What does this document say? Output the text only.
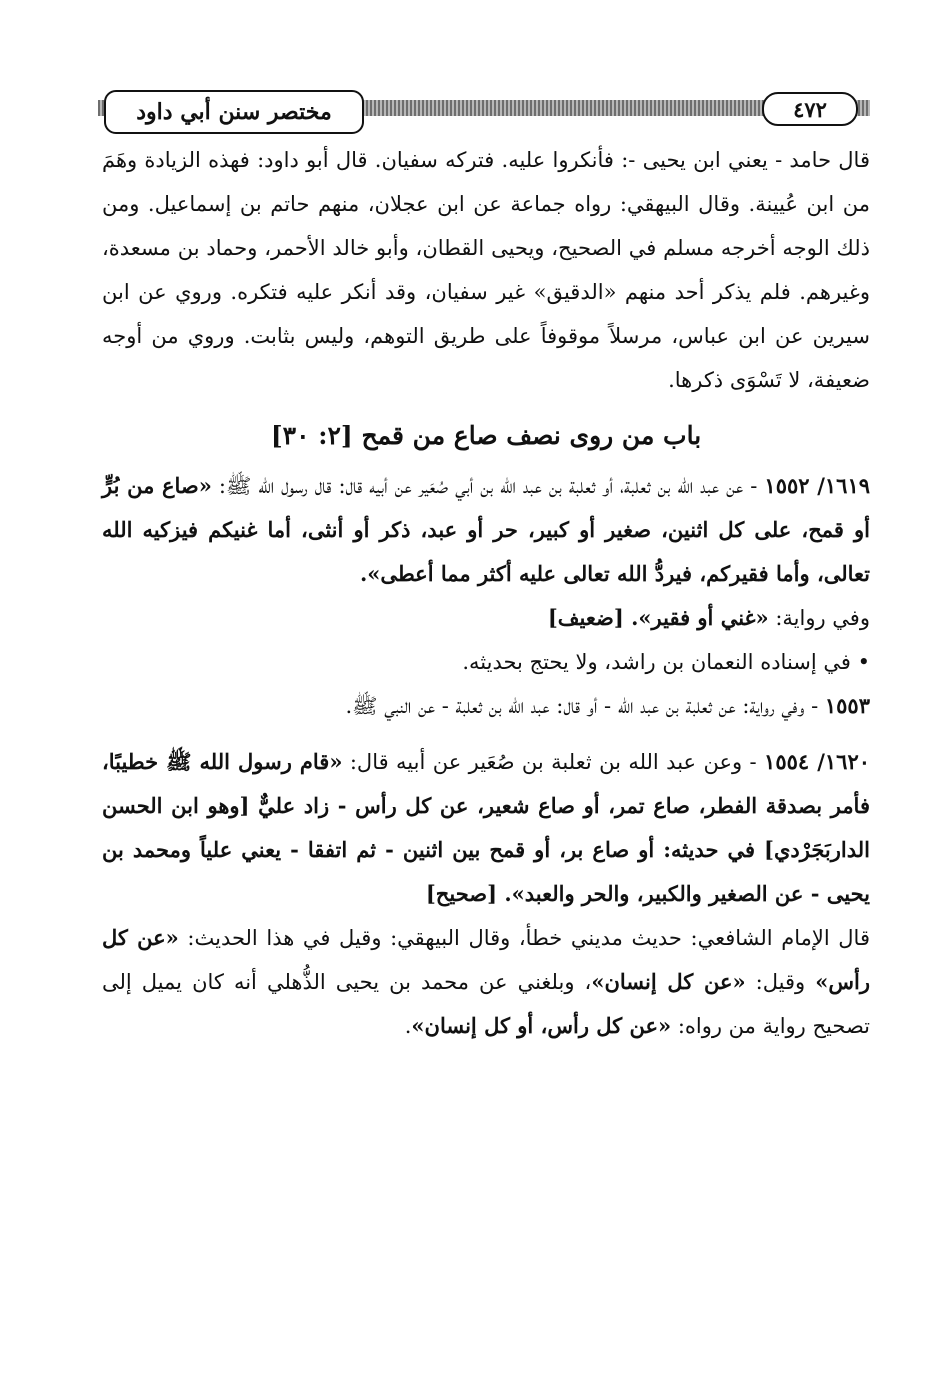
مختصر سنن أبي داود	٤٧٢

قال حامد - يعني ابن يحيى -: فأنكروا عليه. فتركه سفيان. قال أبو داود: فهذه الزيادة وهَمَ من ابن عُيينة. وقال البيهقي: رواه جماعة عن ابن عجلان، منهم حاتم بن إسماعيل. ومن ذلك الوجه أخرجه مسلم في الصحيح، ويحيى القطان، وأبو خالد الأحمر، وحماد بن مسعدة، وغيرهم. فلم يذكر أحد منهم «الدقيق» غير سفيان، وقد أنكر عليه فتكره. وروي عن ابن سيرين عن ابن عباس، مرسلاً موقوفاً على طريق التوهم، وليس بثابت. وروي من أوجه ضعيفة، لا تَسْوَى ذكرها.

باب من روى نصف صاع من قمح [٢: ٣٠]

١٦١٩/ ١٥٥٢ - عن عبد الله بن ثعلبة، أو ثعلبة بن عبد الله بن أبي صُعَير عن أبيه قال: قال رسول الله ﷺ: «صاع من بُرٍّ أو قمح، على كل اثنين، صغير أو كبير، حر أو عبد، ذكر أو أنثى، أما غنيكم فيزكيه الله تعالى، وأما فقيركم، فيردُّ الله تعالى عليه أكثر مما أعطى».

وفي رواية: «غني أو فقير». [ضعيف]

• في إسناده النعمان بن راشد، ولا يحتج بحديثه.

١٥٥٣ - وفي رواية: عن ثعلبة بن عبد الله - أو قال: عبد الله بن ثعلبة - عن النبي ﷺ.

١٦٢٠/ ١٥٥٤ - وعن عبد الله بن ثعلبة بن صُعَير عن أبيه قال: «قام رسول الله ﷺ خطيبًا، فأمر بصدقة الفطر، صاع تمر، أو صاع شعير، عن كل رأس - زاد عليٌّ [وهو ابن الحسن الداربَجَرْدي] في حديثه: أو صاع بر، أو قمح بين اثنين - ثم اتفقا - يعني علياً ومحمد بن يحيى - عن الصغير والكبير، والحر والعبد». [صحيح]

قال الإمام الشافعي: حديث مديني خطأ، وقال البيهقي: وقيل في هذا الحديث: «عن كل رأس» وقيل: «عن كل إنسان»، وبلغني عن محمد بن يحيى الذُّهلي أنه كان يميل إلى تصحيح رواية من رواه: «عن كل رأس، أو كل إنسان».
